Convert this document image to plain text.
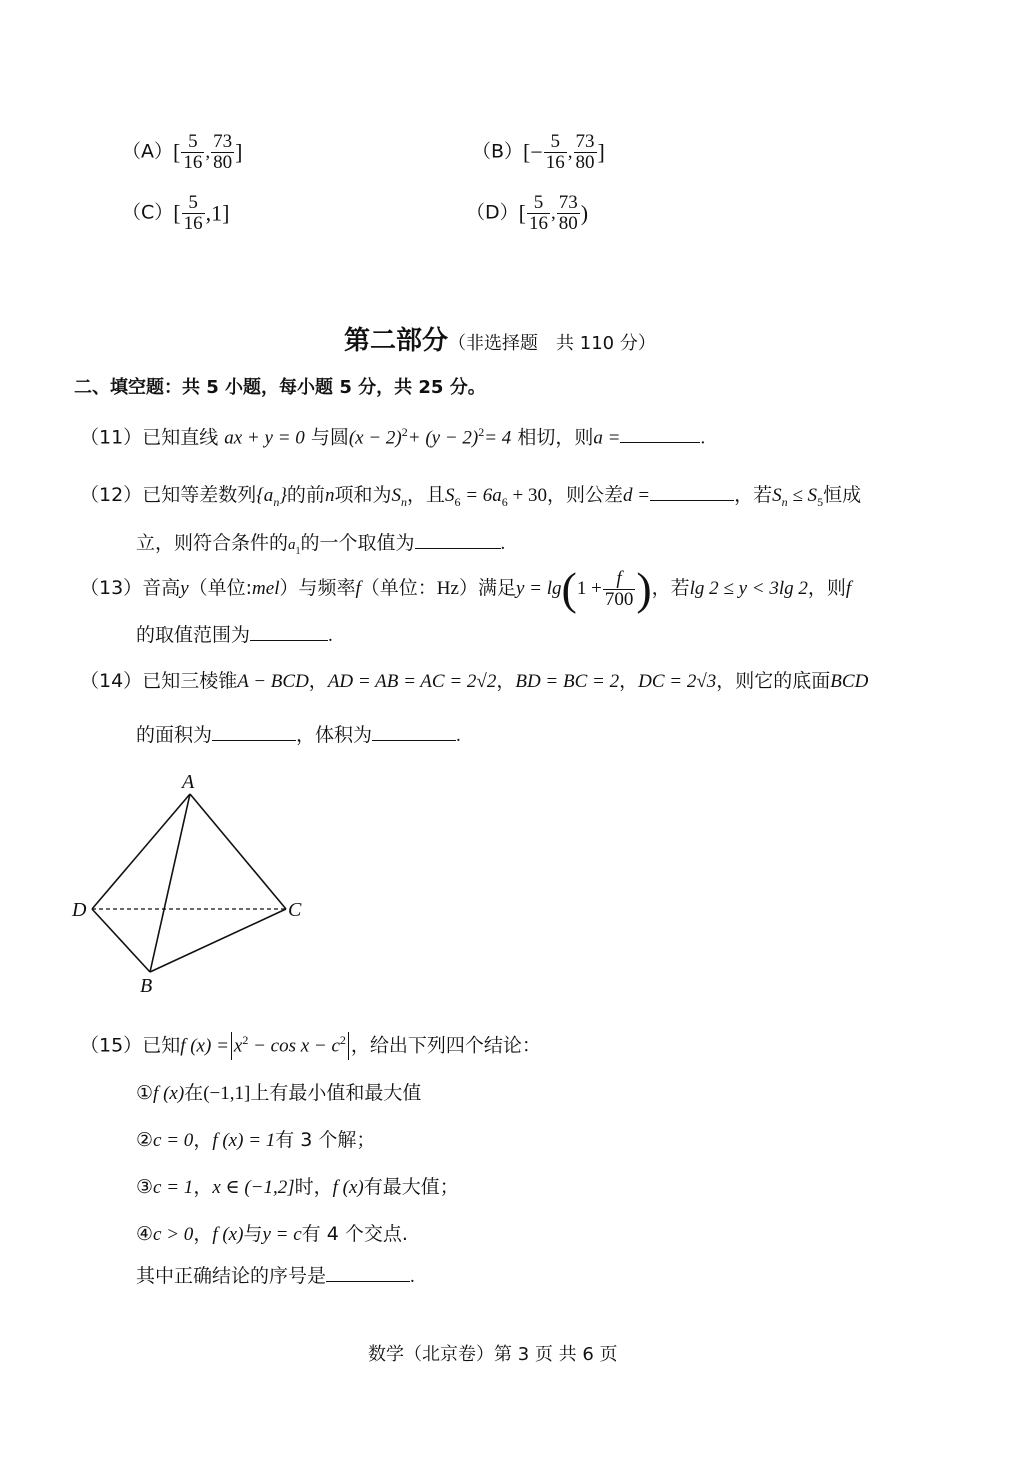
$(A)[ \frac{5}{16}$ , $\frac{73}{80}$ ]	$(B)[- \frac{5}{16}$ , $\frac{73}{80}$ ]
$(C)[ \frac{5}{16} ,1]$	$(D)[ \frac{5}{16}$ , $\frac{73}{80}$ )
第二部分（非选择题　共 110 分）
二、填空题：共 5 小题，每小题 5 分，共 25 分。
（11）已知直线 ax + y = 0 与圆$(x - 2)^2+ (y - 2)^2= 4$ 相切，则a =	.
（12）已知等差数列$\{a_n\}$的前n项和为$S_n$，且$S_6 = 6a_6 + 30$，则公差d =	，若$S_n \le S_5$恒成
立，则符合条件的$a_1$的一个取值为	.
（13）音高y（单位:mel）与频率f（单位：Hz）满足$y = \lg(1 + \frac{f}{700}$ )，若lg 2 ≤ y < 3lg 2，则f
的取值范围为	.
（14）已知三棱锥A − BCD，AD = AB = AC = 2√2，BD = BC = 2，DC = 2√3，则它的底面BCD
的面积为	，体积为	.
A
D	C
B
（15）已知f $(x) = x^2 - \cos x - c^2$ ，给出下列四个结论：
①f (x)在(−1,1]上有最小值和最大值
②c = 0，f (x) = 1有 3 个解；
③c = 1，x ∈ (−1,2]时，f (x)有最大值；
④c > 0，f (x)与y = c有 4 个交点.
其中正确结论的序号是	.
数学（北京卷）第 3 页 共 6 页
